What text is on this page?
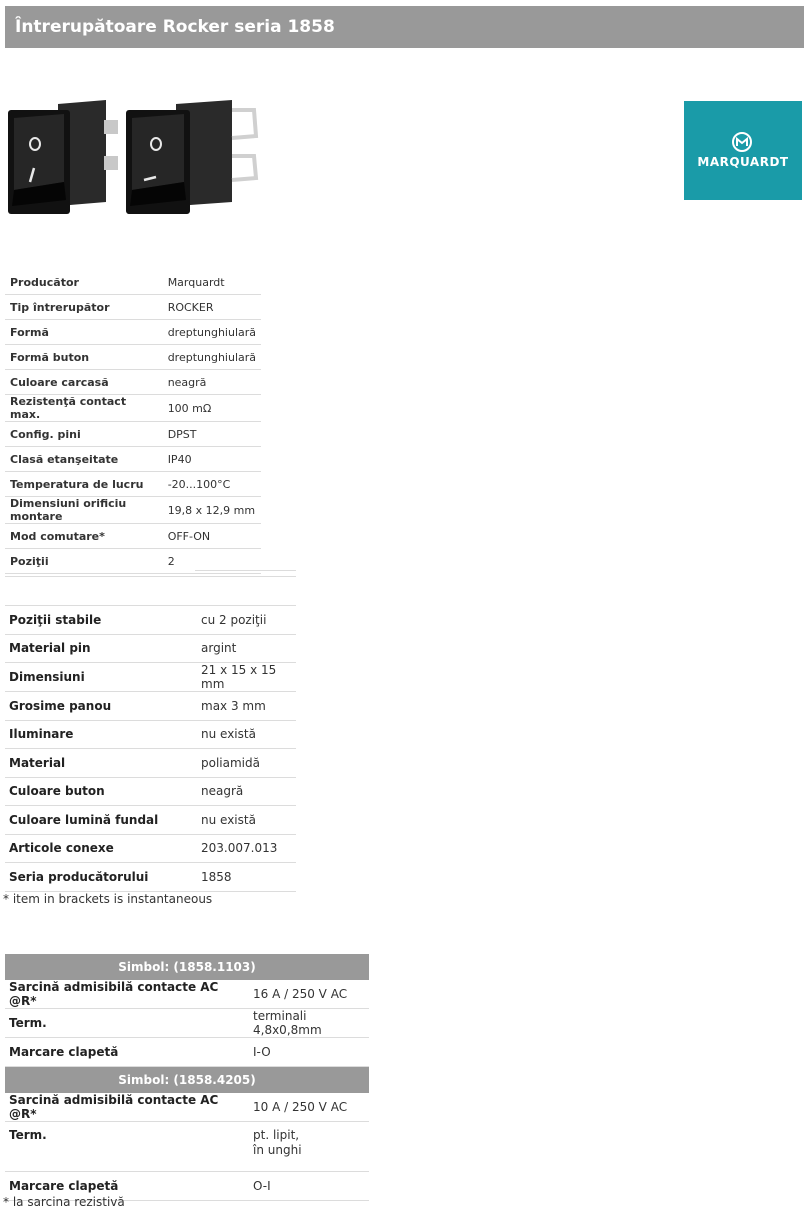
Întrerupătoare Rocker seria 1858
MARQUARDT
Producător	Marquardt
Tip întrerupător	ROCKER
Formă	dreptunghiulară
Formă buton	dreptunghiulară
Culoare carcasă	neagră
Rezistenţă contact max.	100 mΩ
Config. pini	DPST
Clasă etanşeitate	IP40
Temperatura de lucru	-20...100°C
Dimensiuni orificiu montare	19,8 x 12,9 mm
Mod comutare*	OFF-ON
Poziţii	2
Poziţii stabile	cu 2 poziţii
Material pin	argint
Dimensiuni	21 x 15 x 15 mm
Grosime panou	max 3 mm
Iluminare	nu există
Material	poliamidă
Culoare buton	neagră
Culoare lumină fundal	nu există
Articole conexe	203.007.013
Seria producătorului	1858
* item in brackets is instantaneous
Simbol: (1858.1103)	
Sarcină admisibilă contacte AC @R*	16 A / 250 V AC
Term.	terminali 4,8x0,8mm
Marcare clapetă	I-O
Simbol: (1858.4205)	
Sarcină admisibilă contacte AC @R*	10 A / 250 V AC
Term.	pt. lipit,
în unghi

Marcare clapetă	O-I
* la sarcina rezistivă
